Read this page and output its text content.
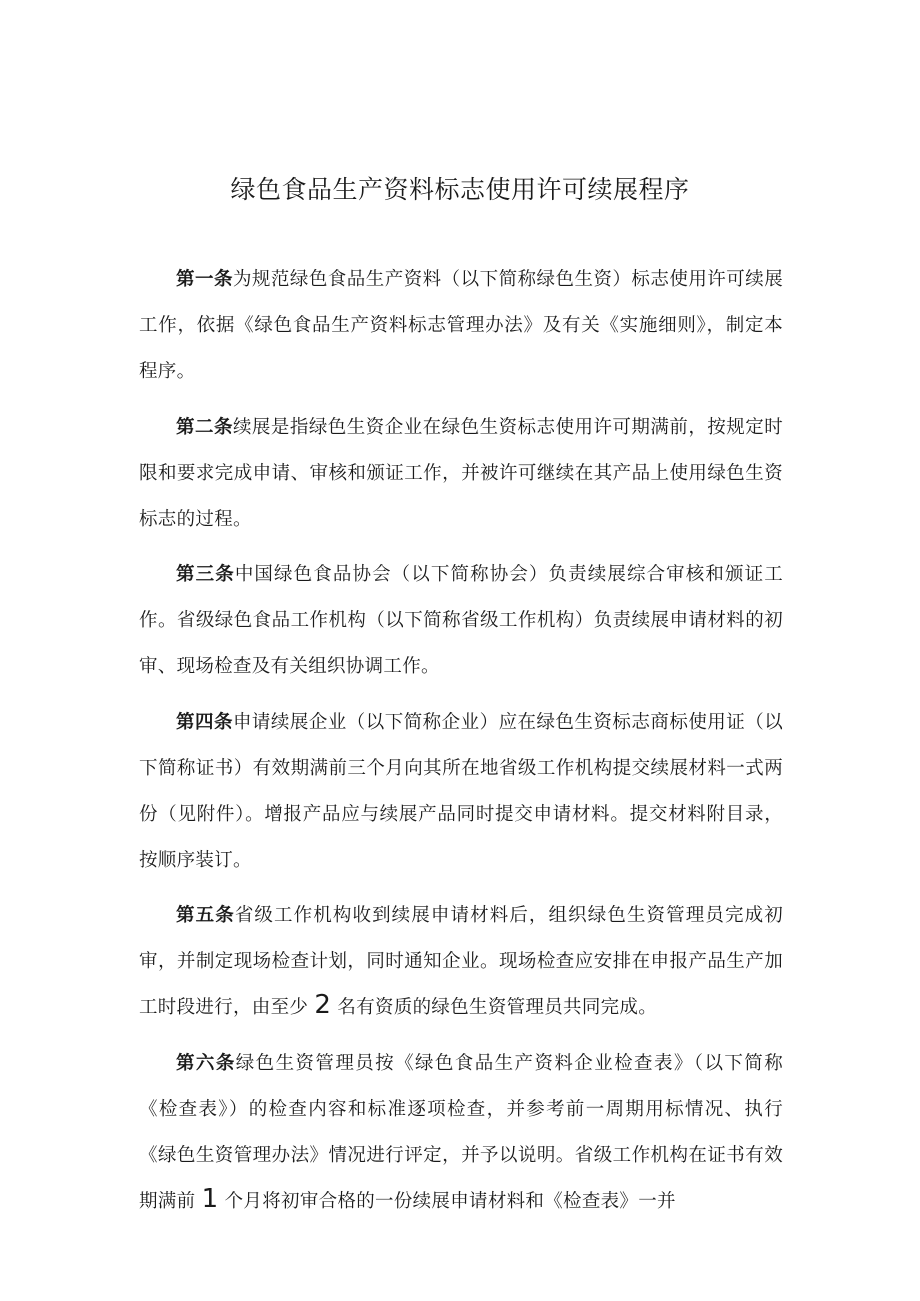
绿色食品生产资料标志使用许可续展程序

第一条为规范绿色食品生产资料（以下简称绿色生资）标志使用许可续展工作，依据《绿色食品生产资料标志管理办法》及有关《实施细则》，制定本程序。

第二条续展是指绿色生资企业在绿色生资标志使用许可期满前，按规定时限和要求完成申请、审核和颁证工作，并被许可继续在其产品上使用绿色生资标志的过程。

第三条中国绿色食品协会（以下简称协会）负责续展综合审核和颁证工作。省级绿色食品工作机构（以下简称省级工作机构）负责续展申请材料的初审、现场检查及有关组织协调工作。

第四条申请续展企业（以下简称企业）应在绿色生资标志商标使用证（以下简称证书）有效期满前三个月向其所在地省级工作机构提交续展材料一式两份（见附件）。增报产品应与续展产品同时提交申请材料。提交材料附目录，按顺序装订。

第五条省级工作机构收到续展申请材料后，组织绿色生资管理员完成初审，并制定现场检查计划，同时通知企业。现场检查应安排在申报产品生产加工时段进行，由至少 2 名有资质的绿色生资管理员共同完成。

第六条绿色生资管理员按《绿色食品生产资料企业检查表》（以下简称《检查表》）的检查内容和标准逐项检查，并参考前一周期用标情况、执行《绿色生资管理办法》情况进行评定，并予以说明。省级工作机构在证书有效期满前 1 个月将初审合格的一份续展申请材料和《检查表》一并
